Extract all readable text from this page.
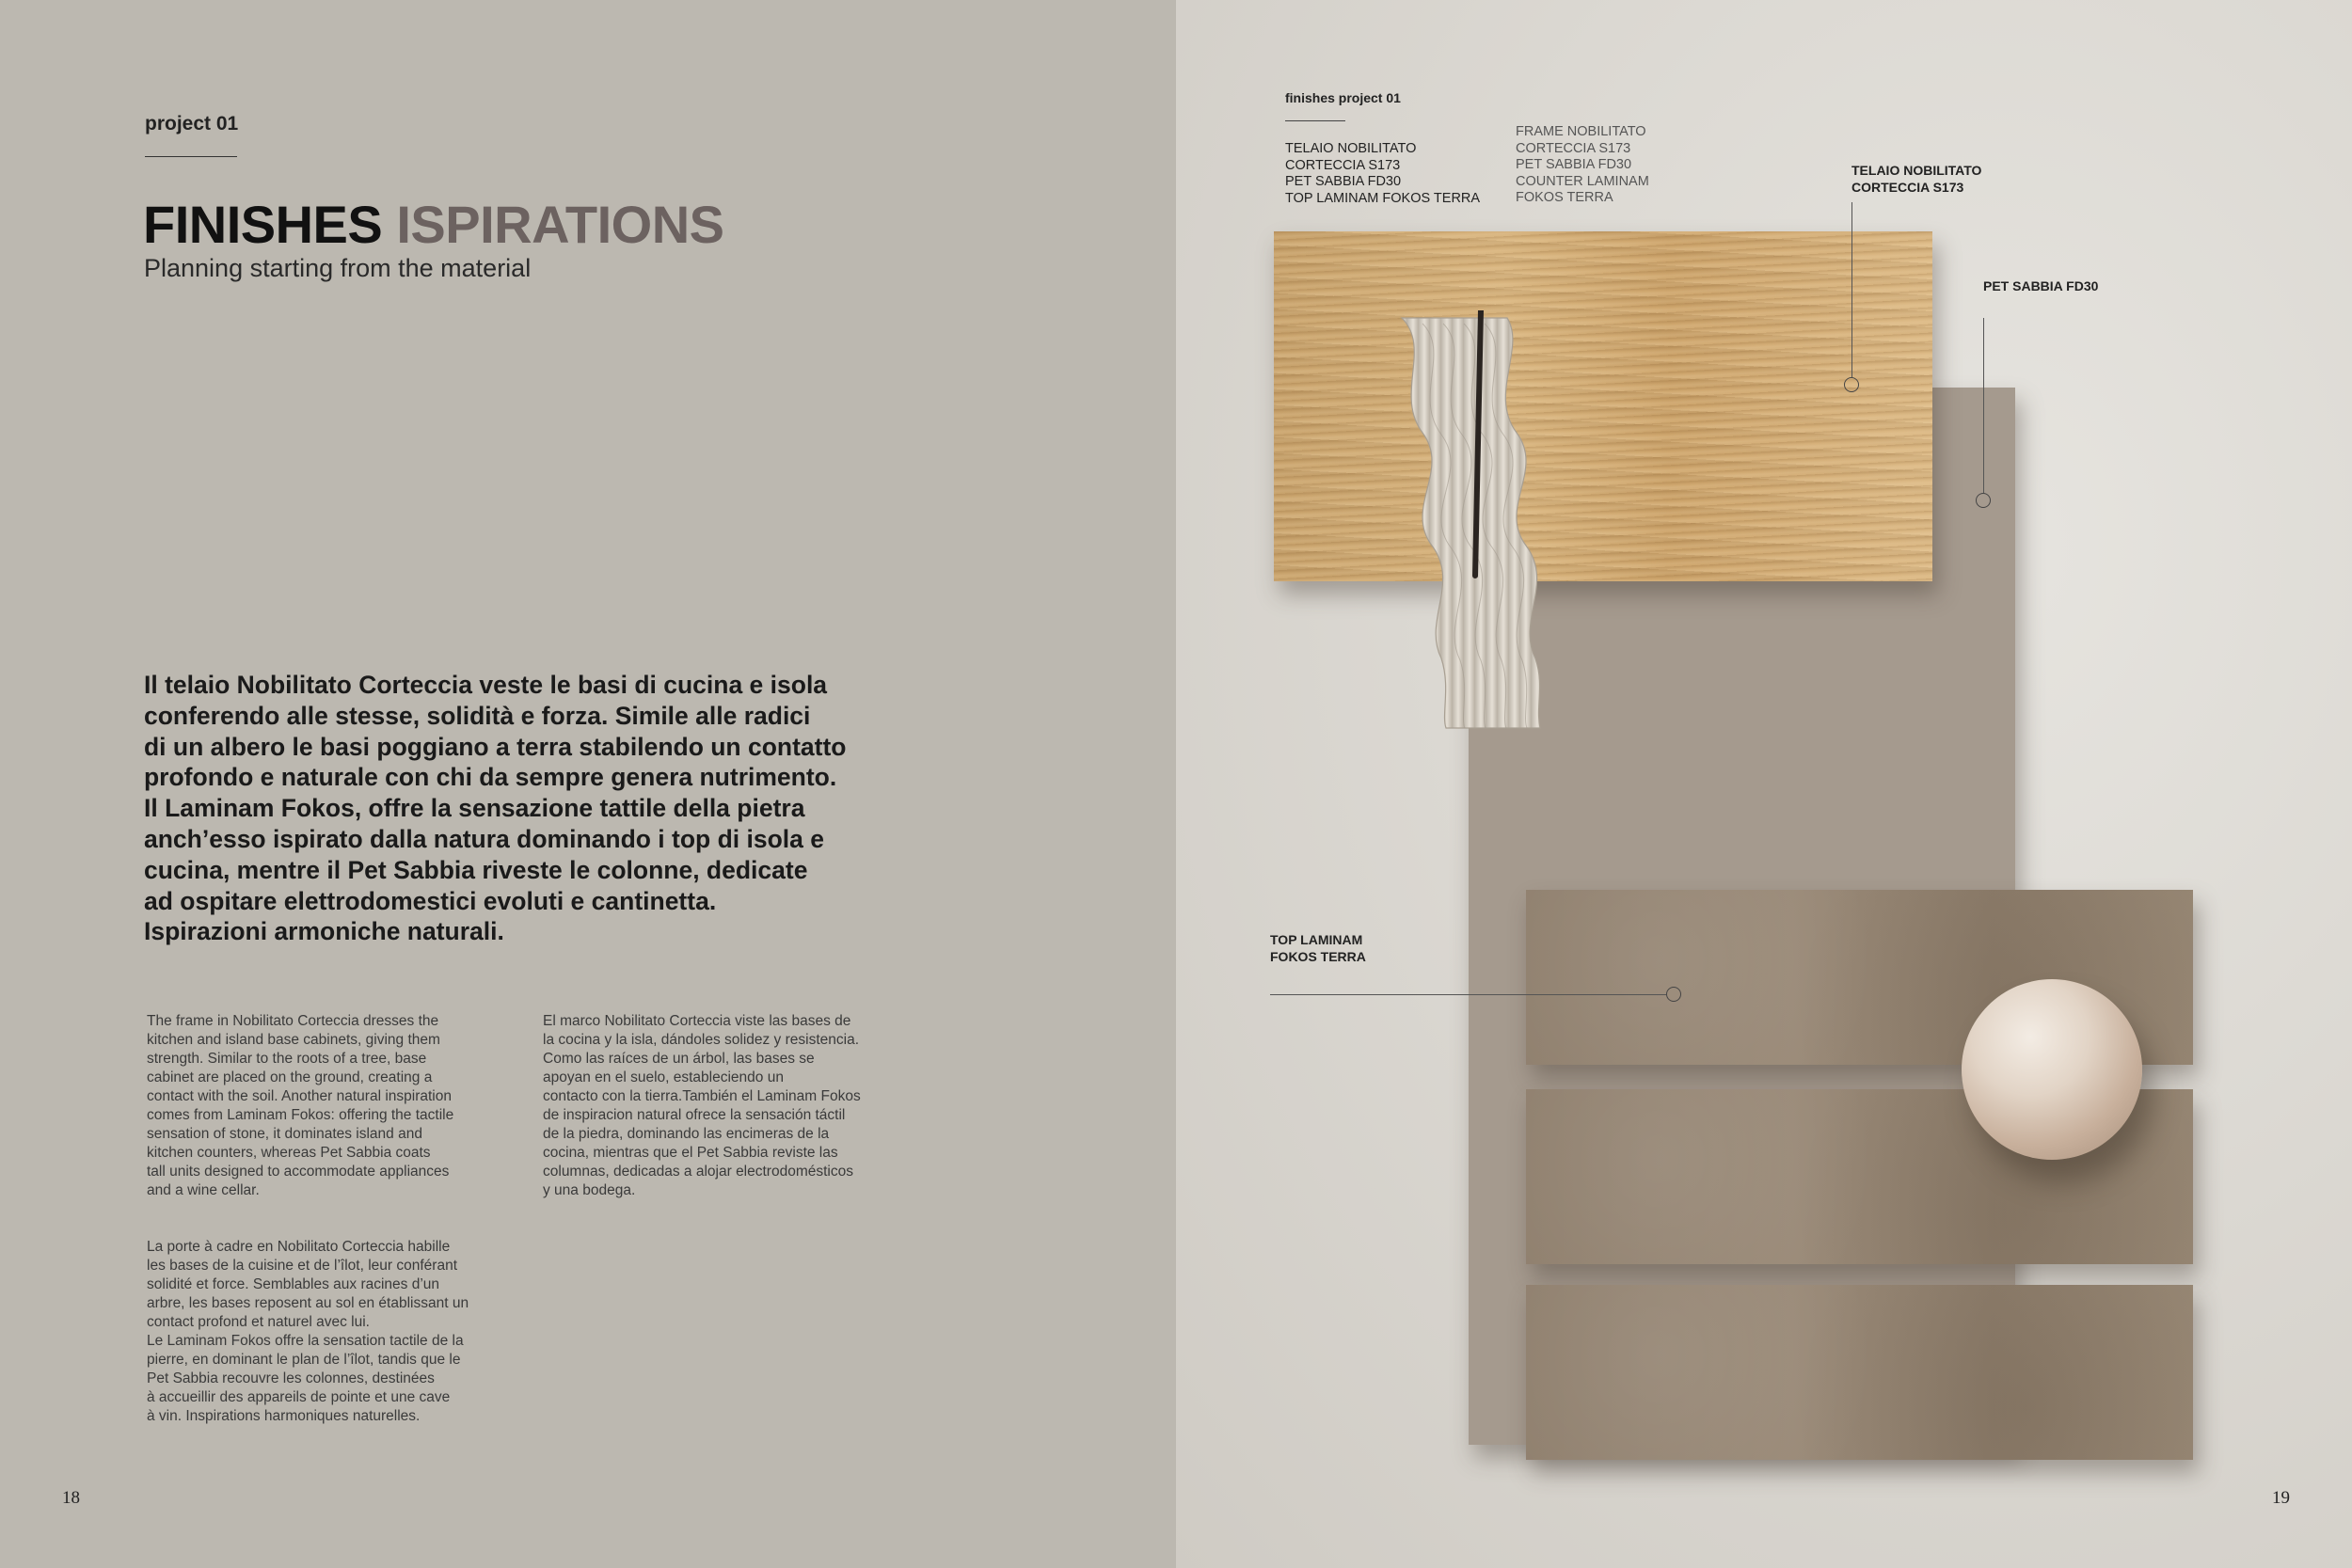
project 01

FINISHES ISPIRATIONS

Planning starting from the material

Il telaio Nobilitato Corteccia veste le basi di cucina e isola
conferendo alle stesse, solidità e forza. Simile alle radici
di un albero le basi poggiano a terra stabilendo un contatto
profondo e naturale con chi da sempre genera nutrimento.
Il Laminam Fokos, offre la sensazione tattile della pietra
anch’esso ispirato dalla natura dominando i top di isola e
cucina, mentre il Pet Sabbia riveste le colonne, dedicate
ad ospitare elettrodomestici evoluti e cantinetta.
Ispirazioni armoniche naturali.

The frame in Nobilitato Corteccia dresses the
kitchen and island base cabinets, giving them
strength. Similar to the roots of a tree, base
cabinet are placed on the ground, creating a
contact with the soil. Another natural inspiration
comes from Laminam Fokos: offering the tactile
sensation of stone, it dominates island and
kitchen counters, whereas Pet Sabbia coats
tall units designed to accommodate appliances
and a wine cellar.

El marco Nobilitato Corteccia viste las bases de
la cocina y la isla, dándoles solidez y resistencia.
Como las raíces de un árbol, las bases se
apoyan en el suelo, estableciendo un
contacto con la tierra.También el Laminam Fokos
de inspiracion natural ofrece la sensación táctil
de la piedra, dominando las encimeras de la
cocina, mientras que el Pet Sabbia reviste las
columnas, dedicadas a alojar electrodomésticos
y una bodega.

La porte à cadre en Nobilitato Corteccia habille
les bases de la cuisine et de l’îlot, leur conférant
solidité et force. Semblables aux racines d’un
arbre, les bases reposent au sol en établissant un
contact profond et naturel avec lui.
Le Laminam Fokos offre la sensation tactile de la
pierre, en dominant le plan de l’îlot, tandis que le
Pet Sabbia recouvre les colonnes, destinées
à accueillir des appareils de pointe et une cave
à vin. Inspirations harmoniques naturelles.

18

finishes project 01

TELAIO NOBILITATO
CORTECCIA S173
PET SABBIA FD30
TOP LAMINAM FOKOS TERRA

FRAME NOBILITATO
CORTECCIA S173
PET SABBIA FD30
COUNTER LAMINAM
FOKOS TERRA

TELAIO NOBILITATO
CORTECCIA S173

PET SABBIA FD30

TOP LAMINAM
FOKOS TERRA

19
